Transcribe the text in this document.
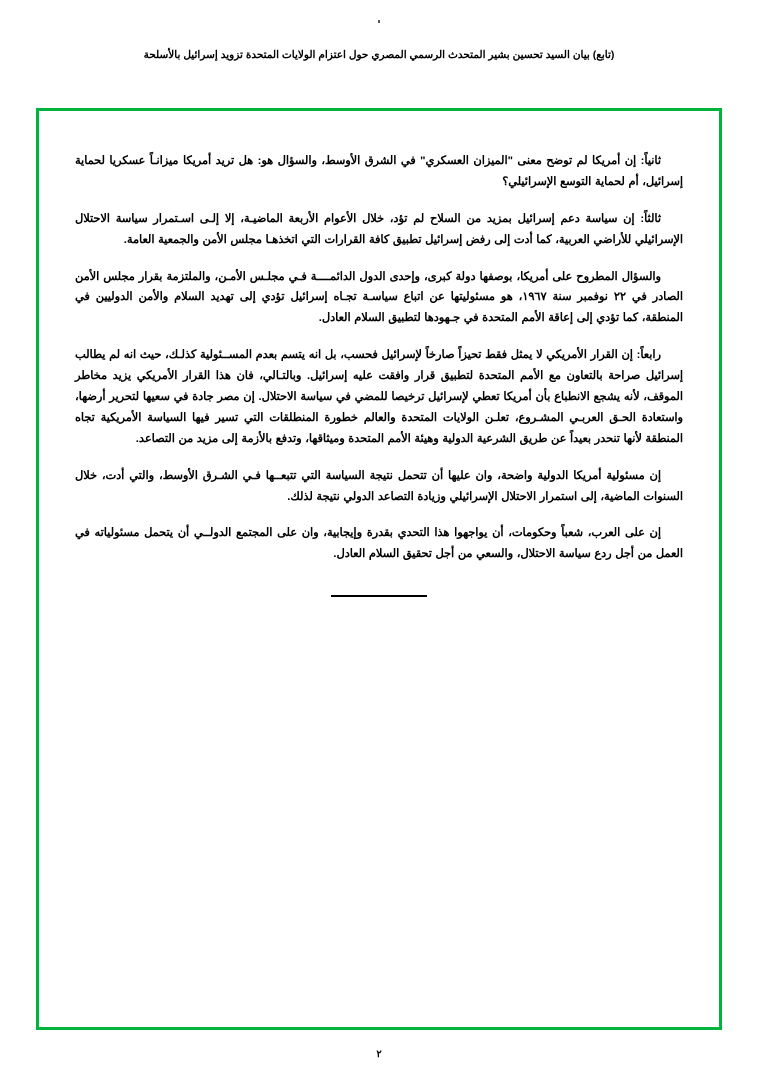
(تابع) بيان السيد تحسين بشير المتحدث الرسمي المصري حول اعتزام الولايات المتحدة تزويد إسرائيل بالأسلحة

ثانياً: إن أمريكا لم توضح معنى "الميزان العسكري" في الشرق الأوسط، والسؤال هو: هل تريد أمريكا ميزانـاً عسكريا لحماية إسرائيل، أم لحماية التوسع الإسرائيلي؟

ثالثاً: إن سياسة دعم إسرائيل بمزيد من السلاح لم تؤد، خلال الأعوام الأربعة الماضيـة، إلا إلـى اسـتمرار سياسة الاحتلال الإسرائيلي للأراضي العربية، كما أدت إلى رفض إسرائيل تطبيق كافة القرارات التي اتخذهـا مجلس الأمن والجمعية العامة.

والسؤال المطروح على أمريكا، بوصفها دولة كبرى، وإحدى الدول الدائمــــة فـي مجلـس الأمـن، والملتزمة بقرار مجلس الأمن الصادر في ٢٢ نوفمبر سنة ١٩٦٧، هو مسئوليتها عن اتباع سياسـة تجـاه إسرائيل تؤدي إلى تهديد السلام والأمن الدوليين في المنطقة، كما تؤدي إلى إعاقة الأمم المتحدة في جـهودها لتطبيق السلام العادل.

رابعاً: إن القرار الأمريكي لا يمثل فقط تحيزاً صارخاً لإسرائيل فحسب، بل انه يتسم بعدم المســئولية كذلـك، حيث انه لم يطالب إسرائيل صراحة بالتعاون مع الأمم المتحدة لتطبيق قرار وافقت عليه إسرائيل. وبالتـالي، فان هذا القرار الأمريكي يزيد مخاطر الموقف، لأنه يشجع الانطباع بأن أمريكا تعطي لإسرائيل ترخيصا للمضي في سياسة الاحتلال. إن مصر جادة في سعيها لتحرير أرضها، واستعادة الحـق العربـي المشـروع، تعلـن الولايات المتحدة والعالم خطورة المنطلقات التي تسير فيها السياسة الأمريكية تجاه المنطقة لأنها تنحدر بعيداً عن طريق الشرعية الدولية وهيئة الأمم المتحدة وميثاقها، وتدفع بالأزمة إلى مزيد من التصاعد.

إن مسئولية أمريكا الدولية واضحة، وان عليها أن تتحمل نتيجة السياسة التي تتبعــها فـي الشـرق الأوسط، والتي أدت، خلال السنوات الماضية، إلى استمرار الاحتلال الإسرائيلي وزيادة التصاعد الدولي نتيجة لذلك.

إن على العرب، شعباً وحكومات، أن يواجهوا هذا التحدي بقدرة وإيجابية، وان على المجتمع الدولــي أن يتحمل مسئولياته في العمل من أجل ردع سياسة الاحتلال، والسعي من أجل تحقيق السلام العادل.

٢
